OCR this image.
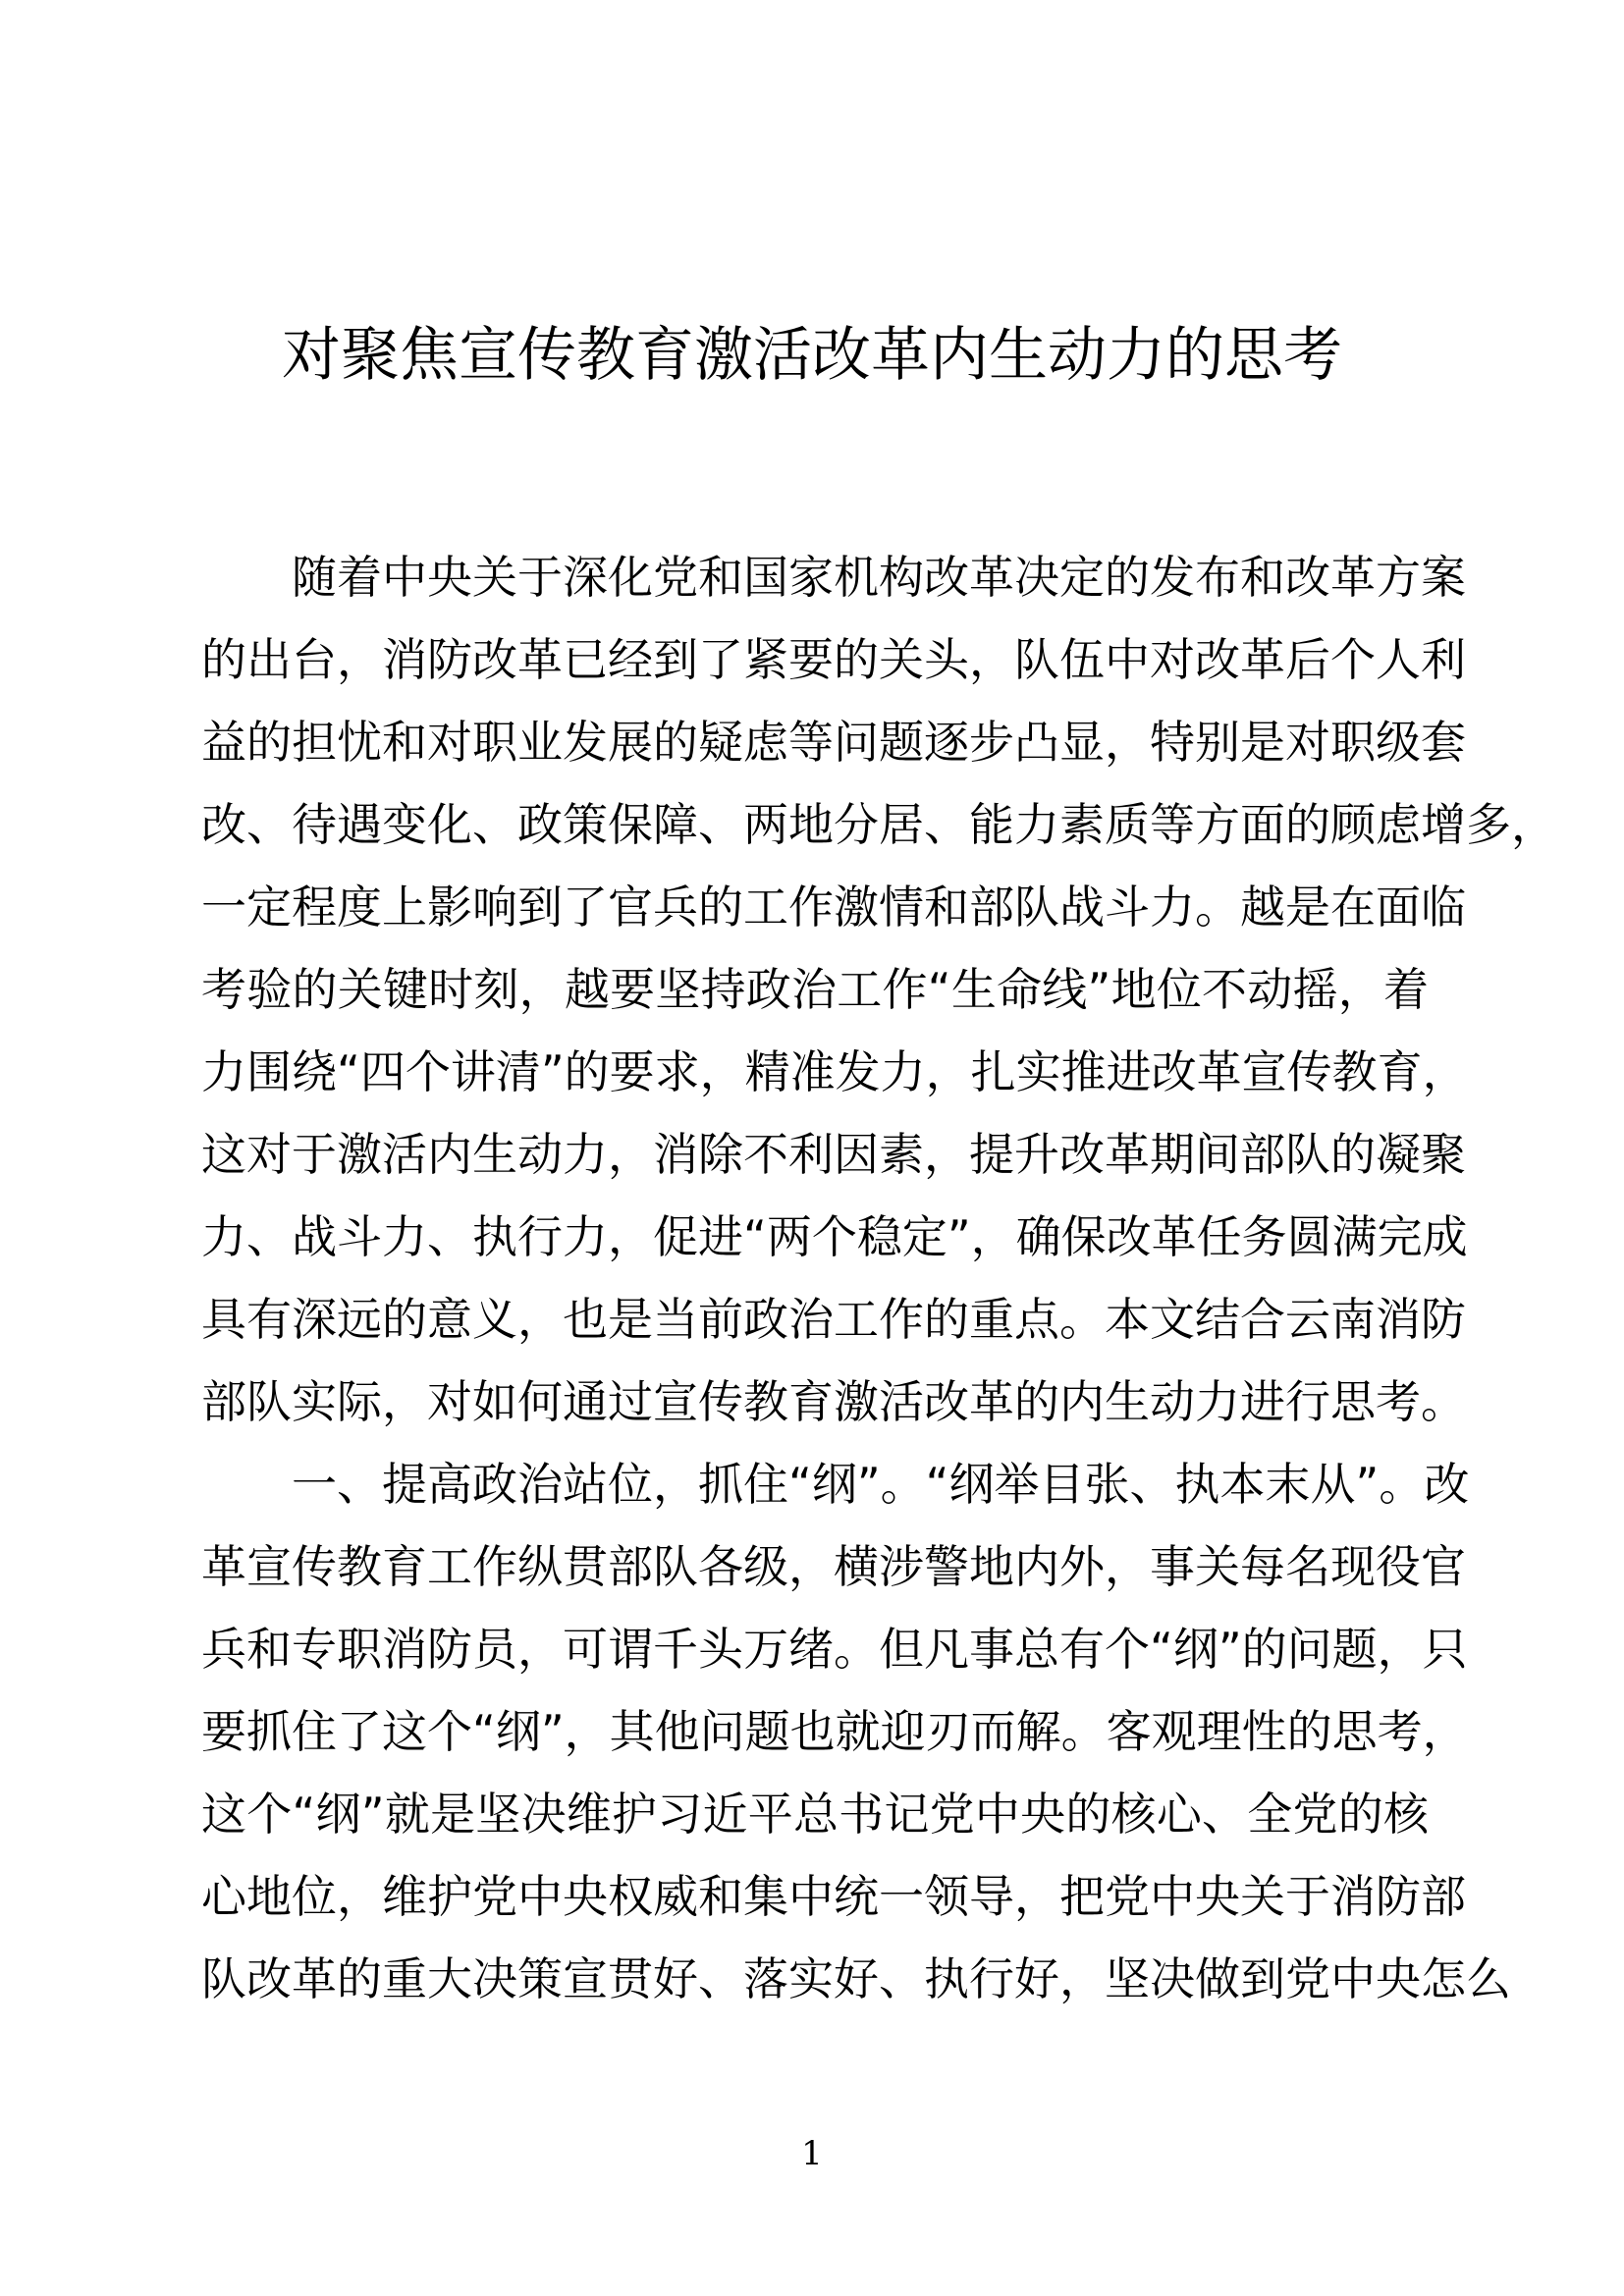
对聚焦宣传教育激活改革内生动力的思考
随着中央关于深化党和国家机构改革决定的发布和改革方案
的出台，消防改革已经到了紧要的关头，队伍中对改革后个人利
益的担忧和对职业发展的疑虑等问题逐步凸显，特别是对职级套
改、待遇变化、政策保障、两地分居、能力素质等方面的顾虑增多，
一定程度上影响到了官兵的工作激情和部队战斗力。越是在面临
考验的关键时刻，越要坚持政治工作“生命线”地位不动摇，着
力围绕“四个讲清”的要求，精准发力，扎实推进改革宣传教育，
这对于激活内生动力，消除不利因素，提升改革期间部队的凝聚
力、战斗力、执行力，促进“两个稳定”，确保改革任务圆满完成
具有深远的意义，也是当前政治工作的重点。本文结合云南消防
部队实际，对如何通过宣传教育激活改革的内生动力进行思考。
一、提高政治站位，抓住“纲”。“纲举目张、执本末从”。改
革宣传教育工作纵贯部队各级，横涉警地内外，事关每名现役官
兵和专职消防员，可谓千头万绪。但凡事总有个“纲”的问题，只
要抓住了这个“纲”，其他问题也就迎刃而解。客观理性的思考，
这个“纲”就是坚决维护习近平总书记党中央的核心、全党的核
心地位，维护党中央权威和集中统一领导，把党中央关于消防部
队改革的重大决策宣贯好、落实好、执行好，坚决做到党中央怎么
1
